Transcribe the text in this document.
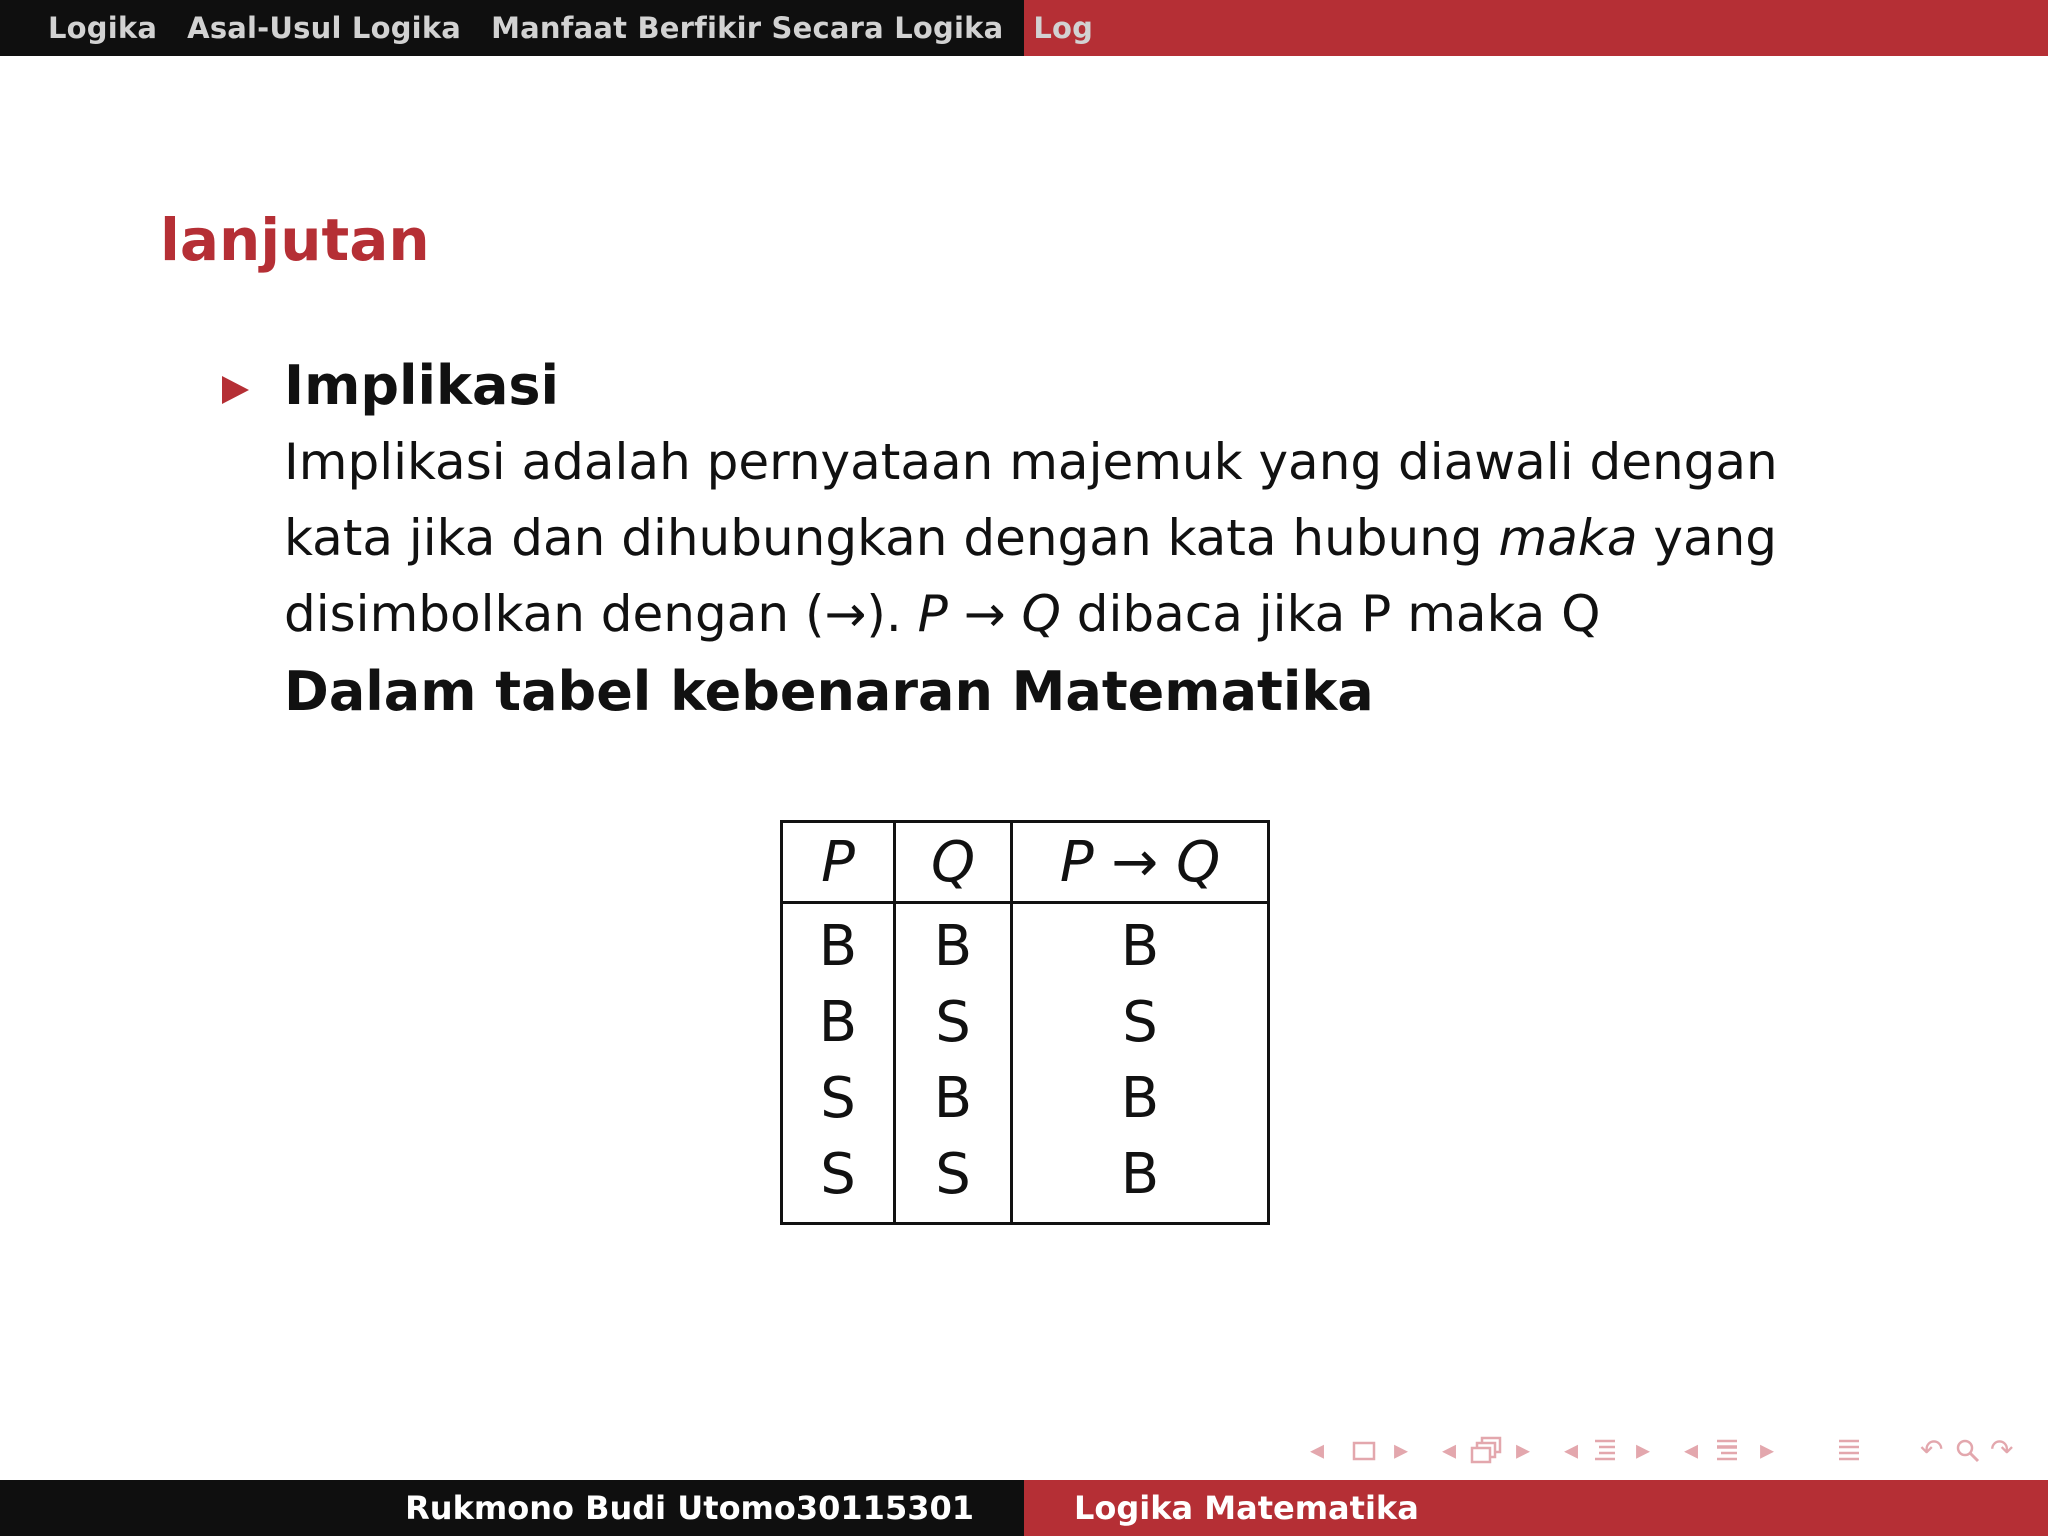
Logika Asal-Usul Logika Manfaat Berfikir Secara Logika Log
lanjutan
Implikasi
Implikasi adalah pernyataan majemuk yang diawali dengan
kata jika dan dihubungkan dengan kata hubung maka yang
disimbolkan dengan (→). P → Q dibaca jika P maka Q
Dalam tabel kebenaran Matematika
P	Q	P → Q
B	B	B
B	S	S
S	B	B
S	S	B
◂ ▸ ◂ ▸ ◂ ▸ ◂ ▸	↶ ↷
Rukmono Budi Utomo30115301	Logika Matematika
